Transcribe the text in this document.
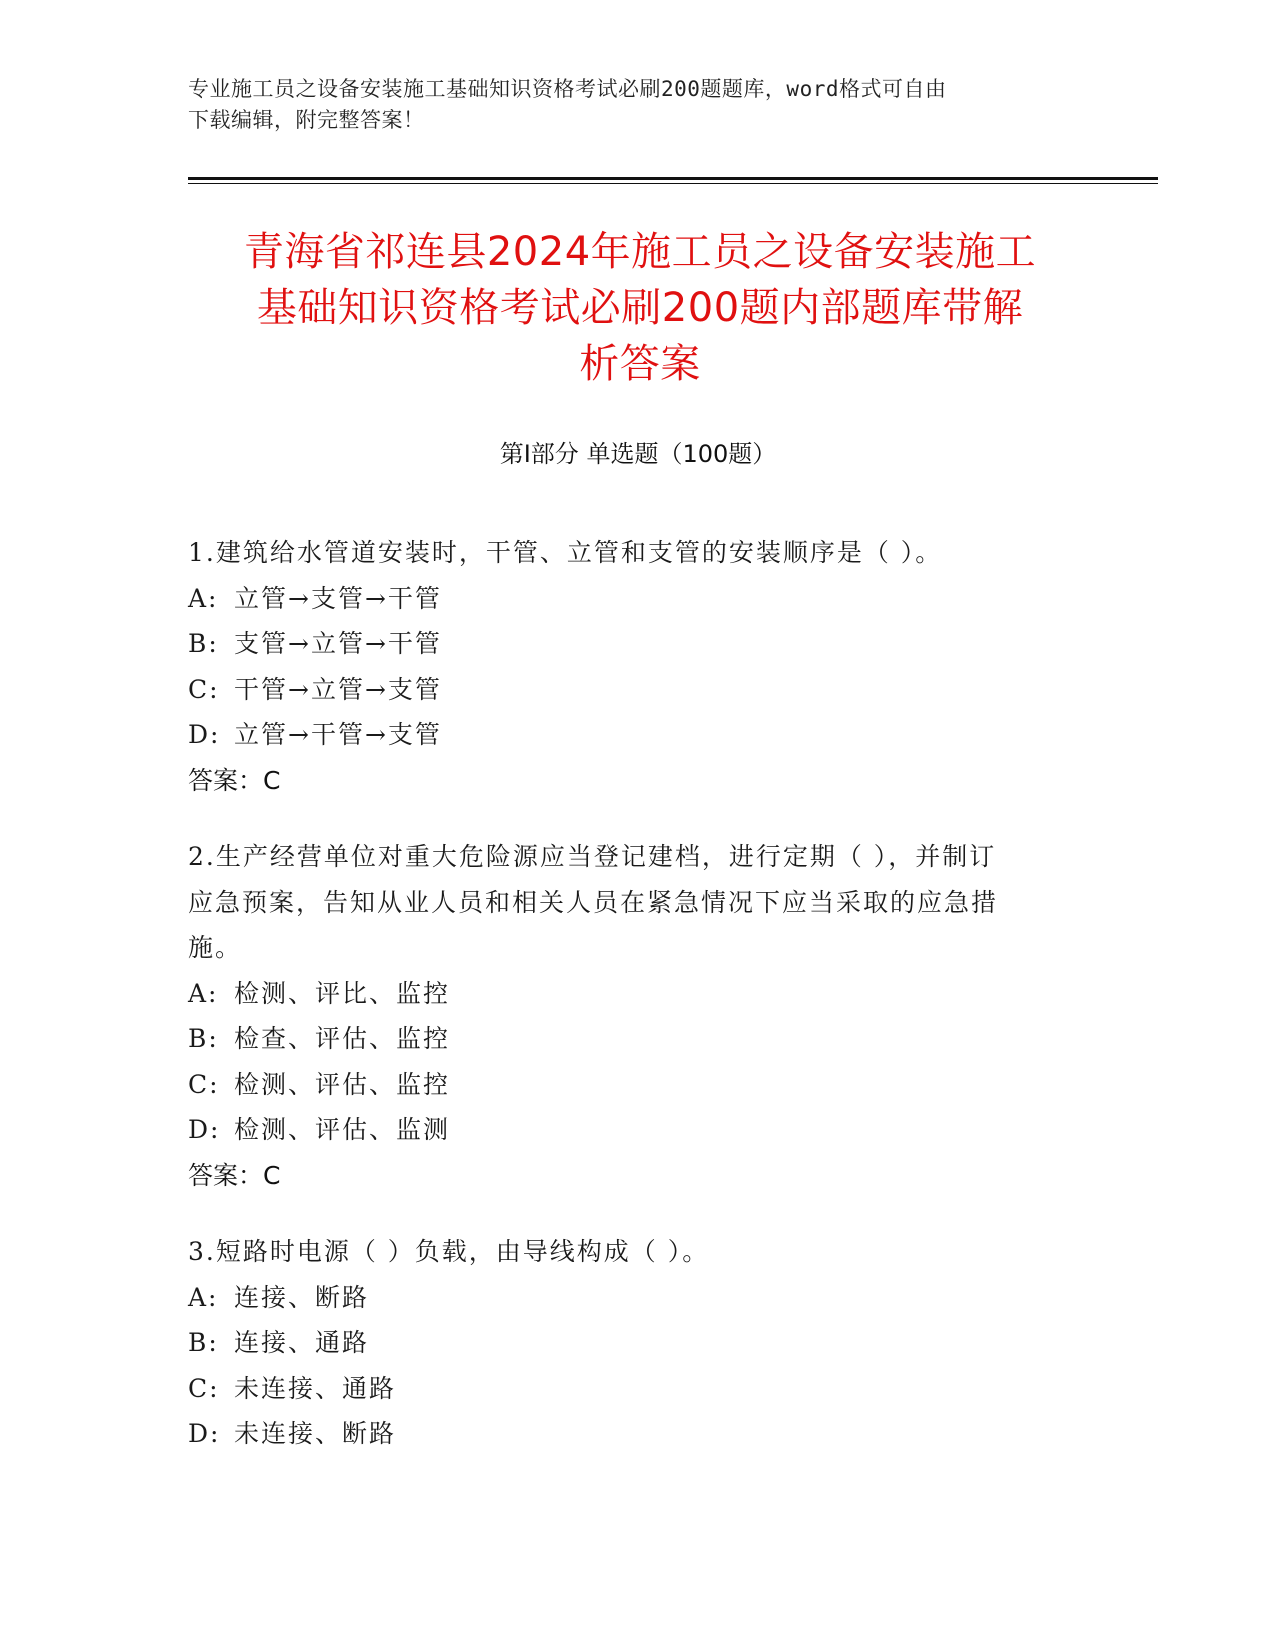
专业施工员之设备安装施工基础知识资格考试必刷200题题库，word格式可自由
下载编辑，附完整答案！
青海省祁连县2024年施工员之设备安装施工
基础知识资格考试必刷200题内部题库带解
析答案
第Ⅰ部分 单选题（100题）
1.建筑给水管道安装时，干管、立管和支管的安装顺序是（ ）。
A: 立管→支管→干管
B: 支管→立管→干管
C: 干管→立管→支管
D: 立管→干管→支管
答案：C
2.生产经营单位对重大危险源应当登记建档，进行定期（ ），并制订
应急预案，告知从业人员和相关人员在紧急情况下应当采取的应急措
施。
A: 检测、评比、监控
B: 检查、评估、监控
C: 检测、评估、监控
D: 检测、评估、监测
答案：C
3.短路时电源（ ）负载，由导线构成（ ）。
A: 连接、断路
B: 连接、通路
C: 未连接、通路
D: 未连接、断路
